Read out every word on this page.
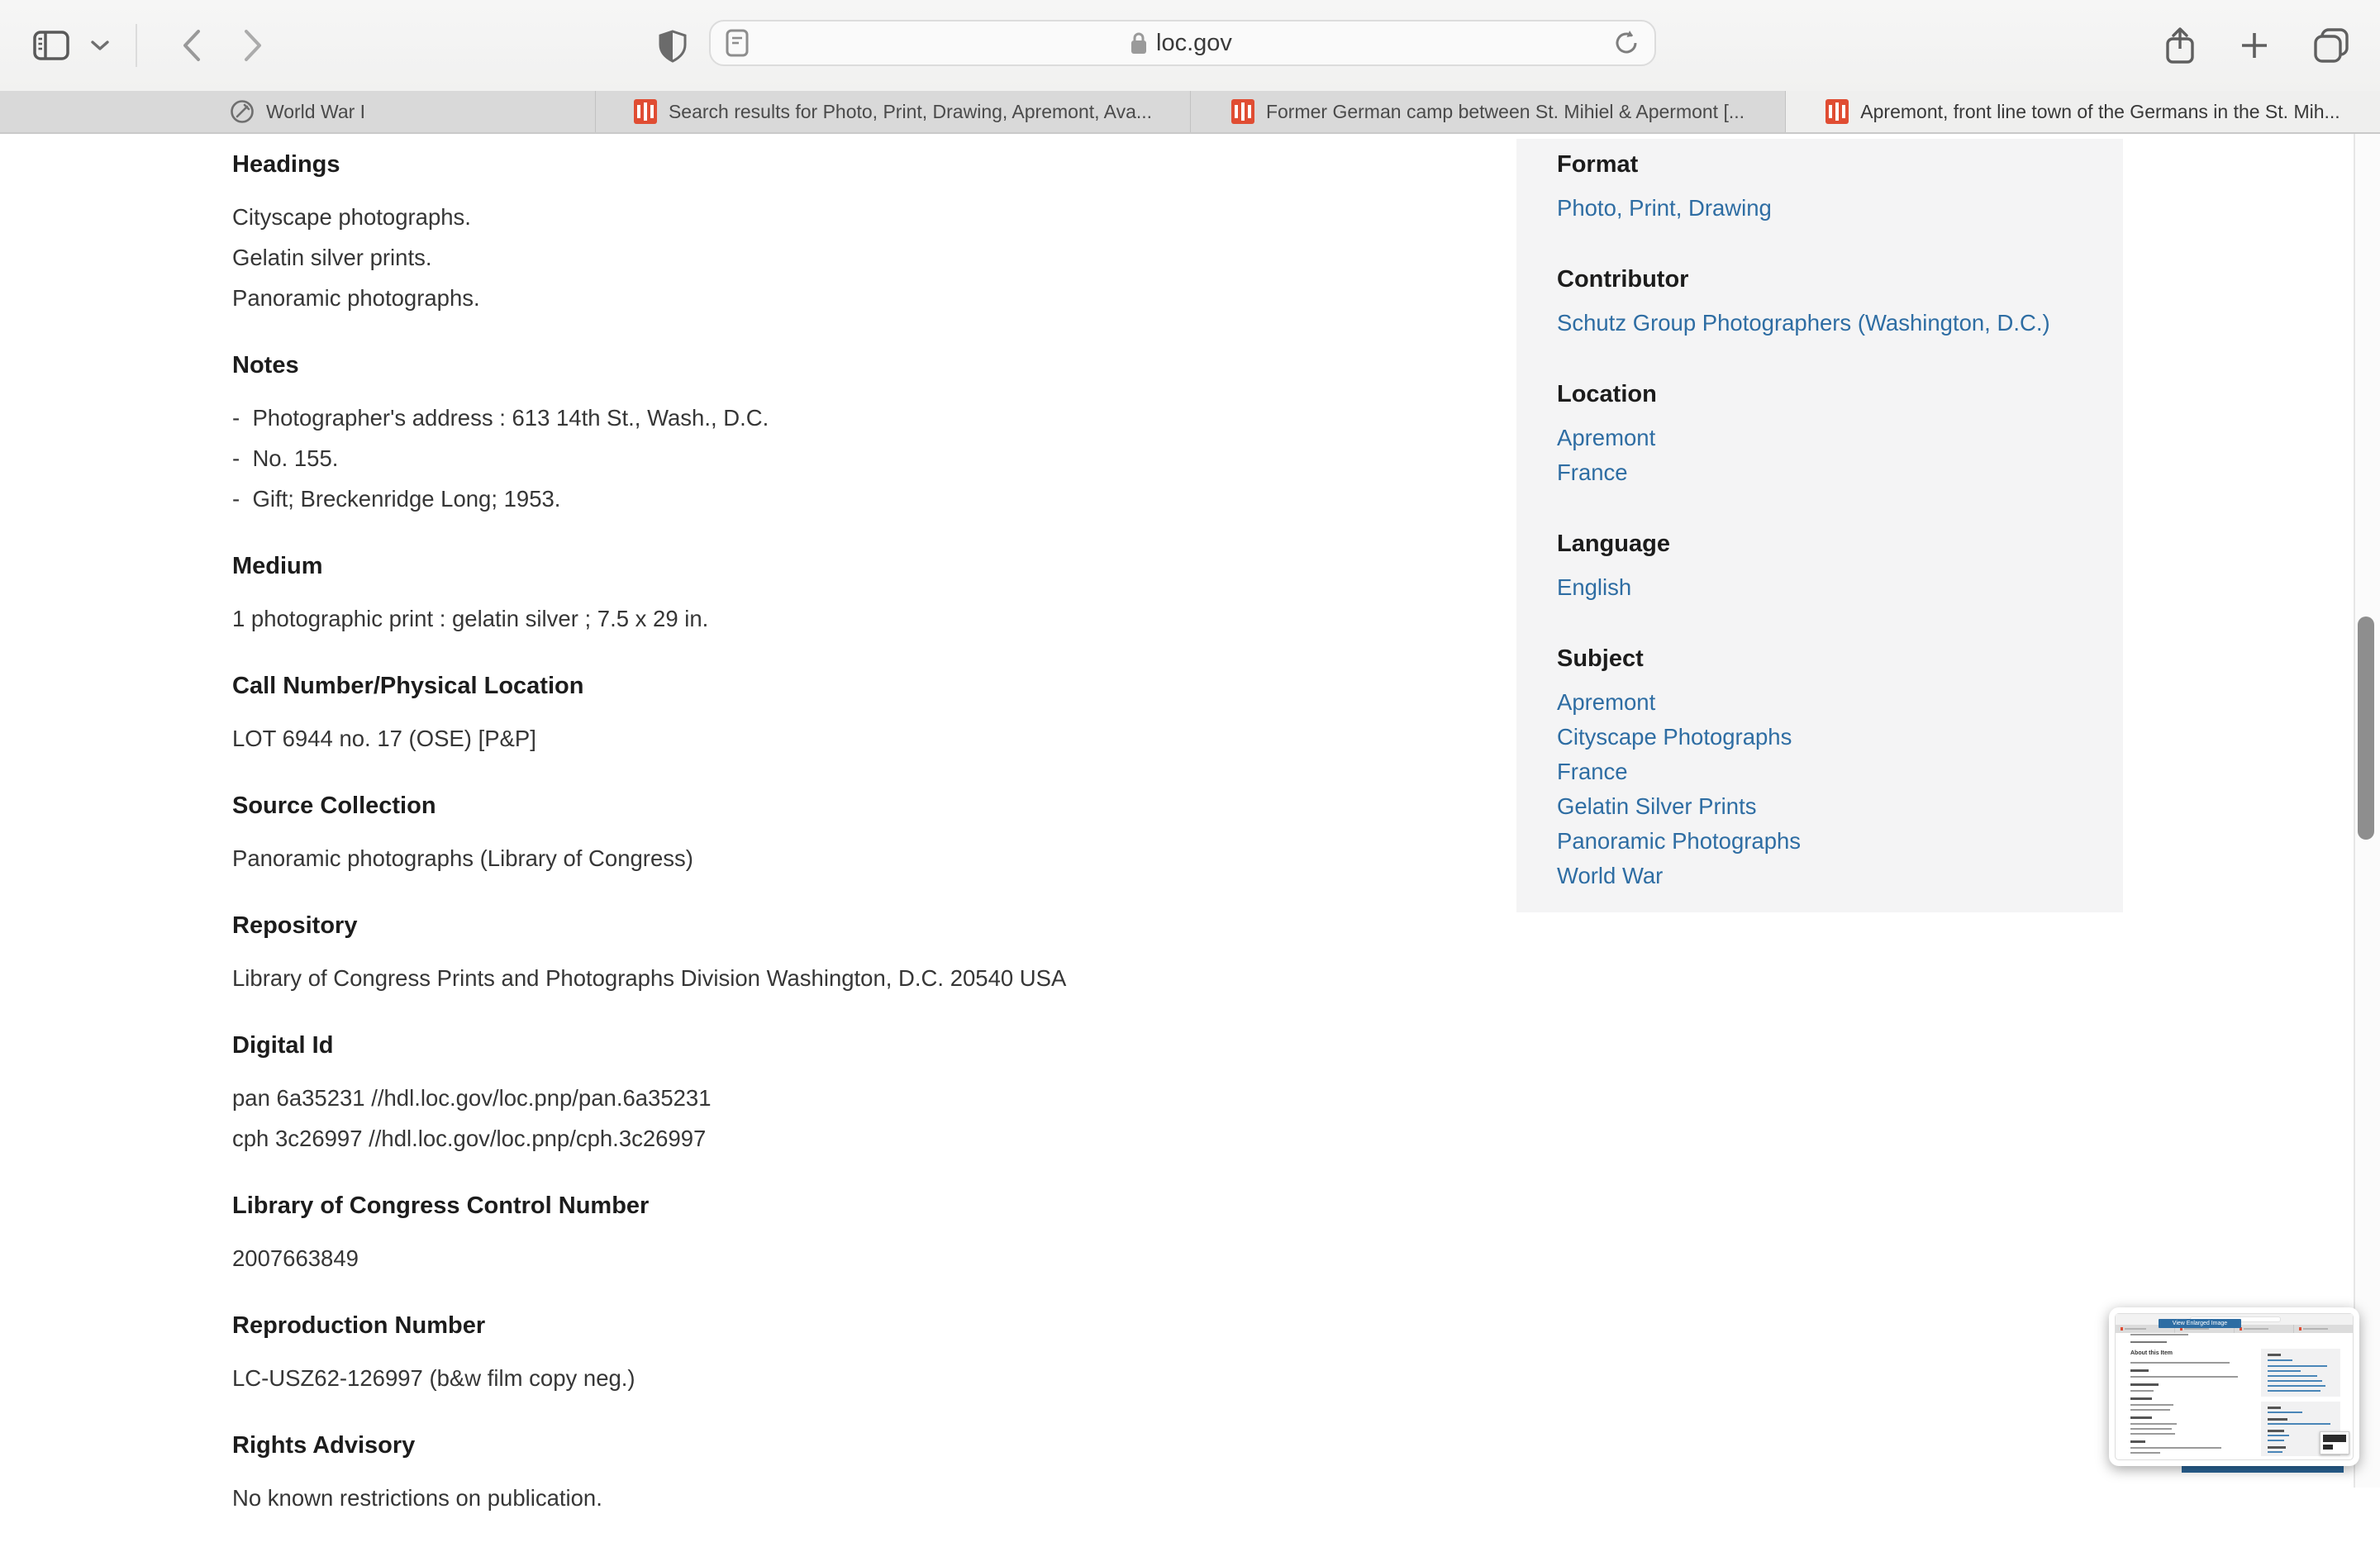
loc.gov
World War I	Search results for Photo, Print, Drawing, Apremont, Ava...	Former German camp between St. Mihiel & Apermont [...	Apremont, front line town of the Germans in the St. Mih...
Headings

Cityscape photographs.

Gelatin silver prints.

Panoramic photographs.

Notes

-  Photographer's address : 613 14th St., Wash., D.C.

-  No. 155.

-  Gift; Breckenridge Long; 1953.

Medium

1 photographic print : gelatin silver ; 7.5 x 29 in.

Call Number/Physical Location

LOT 6944 no. 17 (OSE) [P&P]

Source Collection

Panoramic photographs (Library of Congress)

Repository

Library of Congress Prints and Photographs Division Washington, D.C. 20540 USA

Digital Id

pan 6a35231 //hdl.loc.gov/loc.pnp/pan.6a35231

cph 3c26997 //hdl.loc.gov/loc.pnp/cph.3c26997

Library of Congress Control Number

2007663849

Reproduction Number

LC-USZ62-126997 (b&w film copy neg.)

Rights Advisory

No known restrictions on publication.

Format
Photo, Print, Drawing
Contributor
Schutz Group Photographers (Washington, D.C.)
Location
Apremont
France
Language
English
Subject
Apremont
Cityscape Photographs
France
Gelatin Silver Prints
Panoramic Photographs
World War
View Enlarged Image
About this Item
